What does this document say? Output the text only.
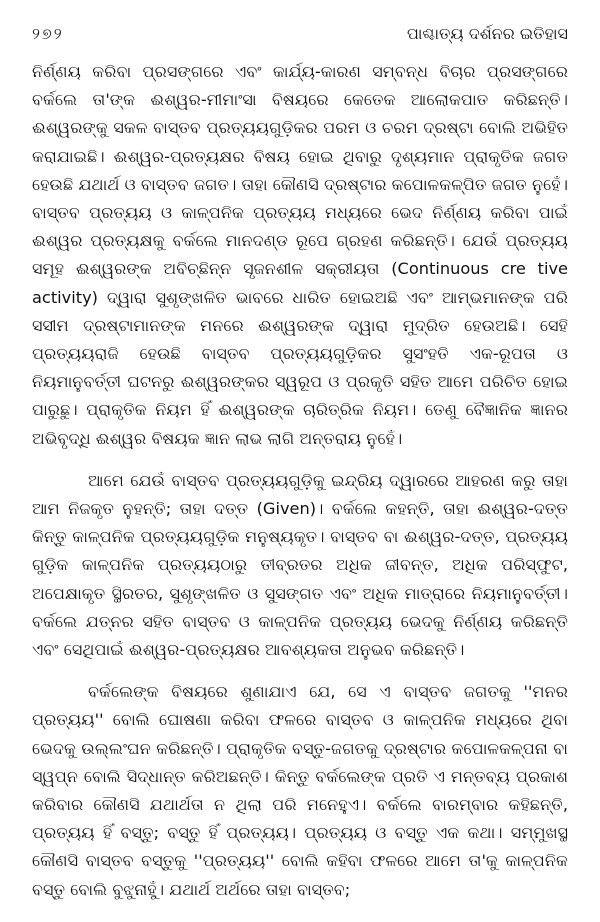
୨୭୨	ପାଶ୍ଚାତ୍ୟ ଦର୍ଶନର ଇତିହାସ

ନିର୍ଣ୍ଣୟ କରିବା ପ୍ରସଙ୍ଗରେ ଏବଂ କାର୍ଯ୍ୟ-କାରଣ ସମ୍ବନ୍ଧ ବିଚାର ପ୍ରସଙ୍ଗରେ ବର୍କଲେ ତା'ଙ୍କ ଈଶ୍ୱର-ମୀମାଂସା ବିଷୟରେ କେତେକ ଆଲୋକପାତ କରିଛନ୍ତି। ଈଶ୍ୱରଙ୍କୁ ସକଳ ବାସ୍ତବ ପ୍ରତ୍ୟୟଗୁଡ଼ିକର ପରମ ଓ ଚରମ ଦ୍ରଷ୍ଟା ବୋଲି ଅଭିହିତ କରାଯାଇଛି। ଈଶ୍ୱର-ପ୍ରତ୍ୟକ୍ଷର ବିଷୟ ହୋଇ ଥିବାରୁ ଦୃଶ୍ୟମାନ ପ୍ରାକୃତିକ ଜଗତ ହେଉଛି ଯଥାର୍ଥ ଓ ବାସ୍ତବ ଜଗତ। ତାହା କୌଣସି ଦ୍ରଷ୍ଟାର କପୋଳକଳ୍ପିତ ଜଗତ ନୁହେଁ। ବାସ୍ତବ ପ୍ରତ୍ୟୟ ଓ କାଳ୍ପନିକ ପ୍ରତ୍ୟୟ ମଧ୍ୟରେ ଭେଦ ନିର୍ଣ୍ଣୟ କରିବା ପାଇଁ ଈଶ୍ୱର ପ୍ରତ୍ୟକ୍ଷକୁ ବର୍କଲେ ମାନଦଣ୍ଡ ରୂପେ ଗ୍ରହଣ କରିଛନ୍ତି। ଯେଉଁ ପ୍ରତ୍ୟୟ ସମୂହ ଈଶ୍ୱରଙ୍କ ଅବିଚ୍ଛିନ୍ନ ସୃଜନଶୀଳ ସକ୍ରୀୟତା (Continuous cre tive activity) ଦ୍ୱାରା ସୁଶୃଙ୍ଖଳିତ ଭାବରେ ଧାରିତ ହୋଇଅଛି ଏବଂ ଆମ୍ଭମାନଙ୍କ ପରି ସସୀମ ଦ୍ରଷ୍ଟାମାନଙ୍କ ମନରେ ଈଶ୍ୱରଙ୍କ ଦ୍ୱାରା ମୁଦ୍ରିତ ହେଉଅଛି। ସେହି ପ୍ରତ୍ୟୟରାଜି ହେଉଛି ବାସ୍ତବ ପ୍ରତ୍ୟୟଗୁଡ଼ିକର ସୁସଂହତି ଏକ-ରୂପତା ଓ ନିୟମାନୁବର୍ତ୍ତୀ ଘଟନରୁ ଈଶ୍ୱରଙ୍କର ସ୍ୱରୂପ ଓ ପ୍ରକୃତି ସହିତ ଆମେ ପରିଚିତ ହୋଇ ପାରୁଛୁ। ପ୍ରାକୃତିକ ନିୟମ ହିଁ ଈଶ୍ୱରଙ୍କ ଚାରିତ୍ରିକ ନିୟମ। ତେଣୁ ବୈଜ୍ଞାନିକ ଜ୍ଞାନର ଅଭିବୃଦ୍ଧି ଈଶ୍ୱର ବିଷୟକ ଜ୍ଞାନ ଲାଭ ଲାଗି ଅନ୍ତରାୟ ନୁହେଁ।

ଆମେ ଯେଉଁ ବାସ୍ତବ ପ୍ରତ୍ୟୟଗୁଡ଼ିକୁ ଇନ୍ଦ୍ରିୟ ଦ୍ୱାରରେ ଆହରଣ କରୁ ତାହା ଆମ ନିଜକୃତ ନୁହନ୍ତି; ତାହା ଦତ୍ତ (Given)। ବର୍କଲେ କହନ୍ତି, ତାହା ଈଶ୍ୱର-ଦତ୍ତ କିନ୍ତୁ କାଳ୍ପନିକ ପ୍ରତ୍ୟୟଗୁଡ଼ିକ ମନୁଷ୍ୟକୃତ। ବାସ୍ତବ ବା ଈଶ୍ୱର-ଦତ୍ତ, ପ୍ରତ୍ୟୟ ଗୁଡ଼ିକ କାଳ୍ପନିକ ପ୍ରତ୍ୟୟଠାରୁ ତୀବ୍ରତର ଅଧିକ ଜୀବନ୍ତ, ଅଧିକ ପରିସ୍ଫୁଟ, ଅପେକ୍ଷାକୃତ ସ୍ଥିରତର, ସୁଶୃଙ୍ଖଳିତ ଓ ସୁସଙ୍ଗତ ଏବଂ ଅଧିକ ମାତ୍ରାରେ ନିୟମାନୁବର୍ତ୍ତୀ। ବର୍କଲେ ଯତ୍ନର ସହିତ ବାସ୍ତବ ଓ କାଳ୍ପନିକ ପ୍ରତ୍ୟୟ ଭେଦକୁ ନିର୍ଣ୍ଣୟ କରିଛନ୍ତି ଏବଂ ସେଥିପାଇଁ ଈଶ୍ୱର-ପ୍ରତ୍ୟକ୍ଷର ଆବଶ୍ୟକତା ଅନୁଭବ କରିଛନ୍ତି।

ବର୍କଲେଙ୍କ ବିଷୟରେ ଶୁଣାଯାଏ ଯେ, ସେ ଏ ବାସ୍ତବ ଜଗତକୁ ''ମନର ପ୍ରତ୍ୟୟ'' ବୋଲି ଘୋଷଣା କରିବା ଫଳରେ ବାସ୍ତବ ଓ କାଳ୍ପନିକ ମଧ୍ୟରେ ଥିବା ଭେଦକୁ ଉଲ୍ଲଂଘନ କରିଛନ୍ତି। ପ୍ରାକୃତିକ ବସ୍ତୁ-ଜଗତକୁ ଦ୍ରଷ୍ଟାର କପୋଳକଳ୍ପନା ବା ସ୍ୱପ୍ନ ବୋଲି ସିଦ୍ଧାନ୍ତ କରିଅଛନ୍ତି। କିନ୍ତୁ ବର୍କଲେଙ୍କ ପ୍ରତି ଏ ମନ୍ତବ୍ୟ ପ୍ରକାଶ କରିବାର କୌଣସି ଯଥାର୍ଥତା ନ ଥିଲା ପରି ମନେହୁଏ। ବର୍କଲେ ବାରମ୍ବାର କହିଛନ୍ତି, ପ୍ରତ୍ୟୟ ହିଁ ବସ୍ତୁ; ବସ୍ତୁ ହିଁ ପ୍ରତ୍ୟୟ। ପ୍ରତ୍ୟୟ ଓ ବସ୍ତୁ ଏକ କଥା। ସମ୍ମୁଖସ୍ଥ କୌଣସି ବାସ୍ତବ ବସ୍ତୁକୁ ''ପ୍ରତ୍ୟୟ'' ବୋଲି କହିବା ଫଳରେ ଆମେ ତା'କୁ କାଳ୍ପନିକ ବସ୍ତୁ ବୋଲି ବୁଝୁନାହୁଁ। ଯଥାର୍ଥ ଅର୍ଥରେ ତାହା ବାସ୍ତବ;
